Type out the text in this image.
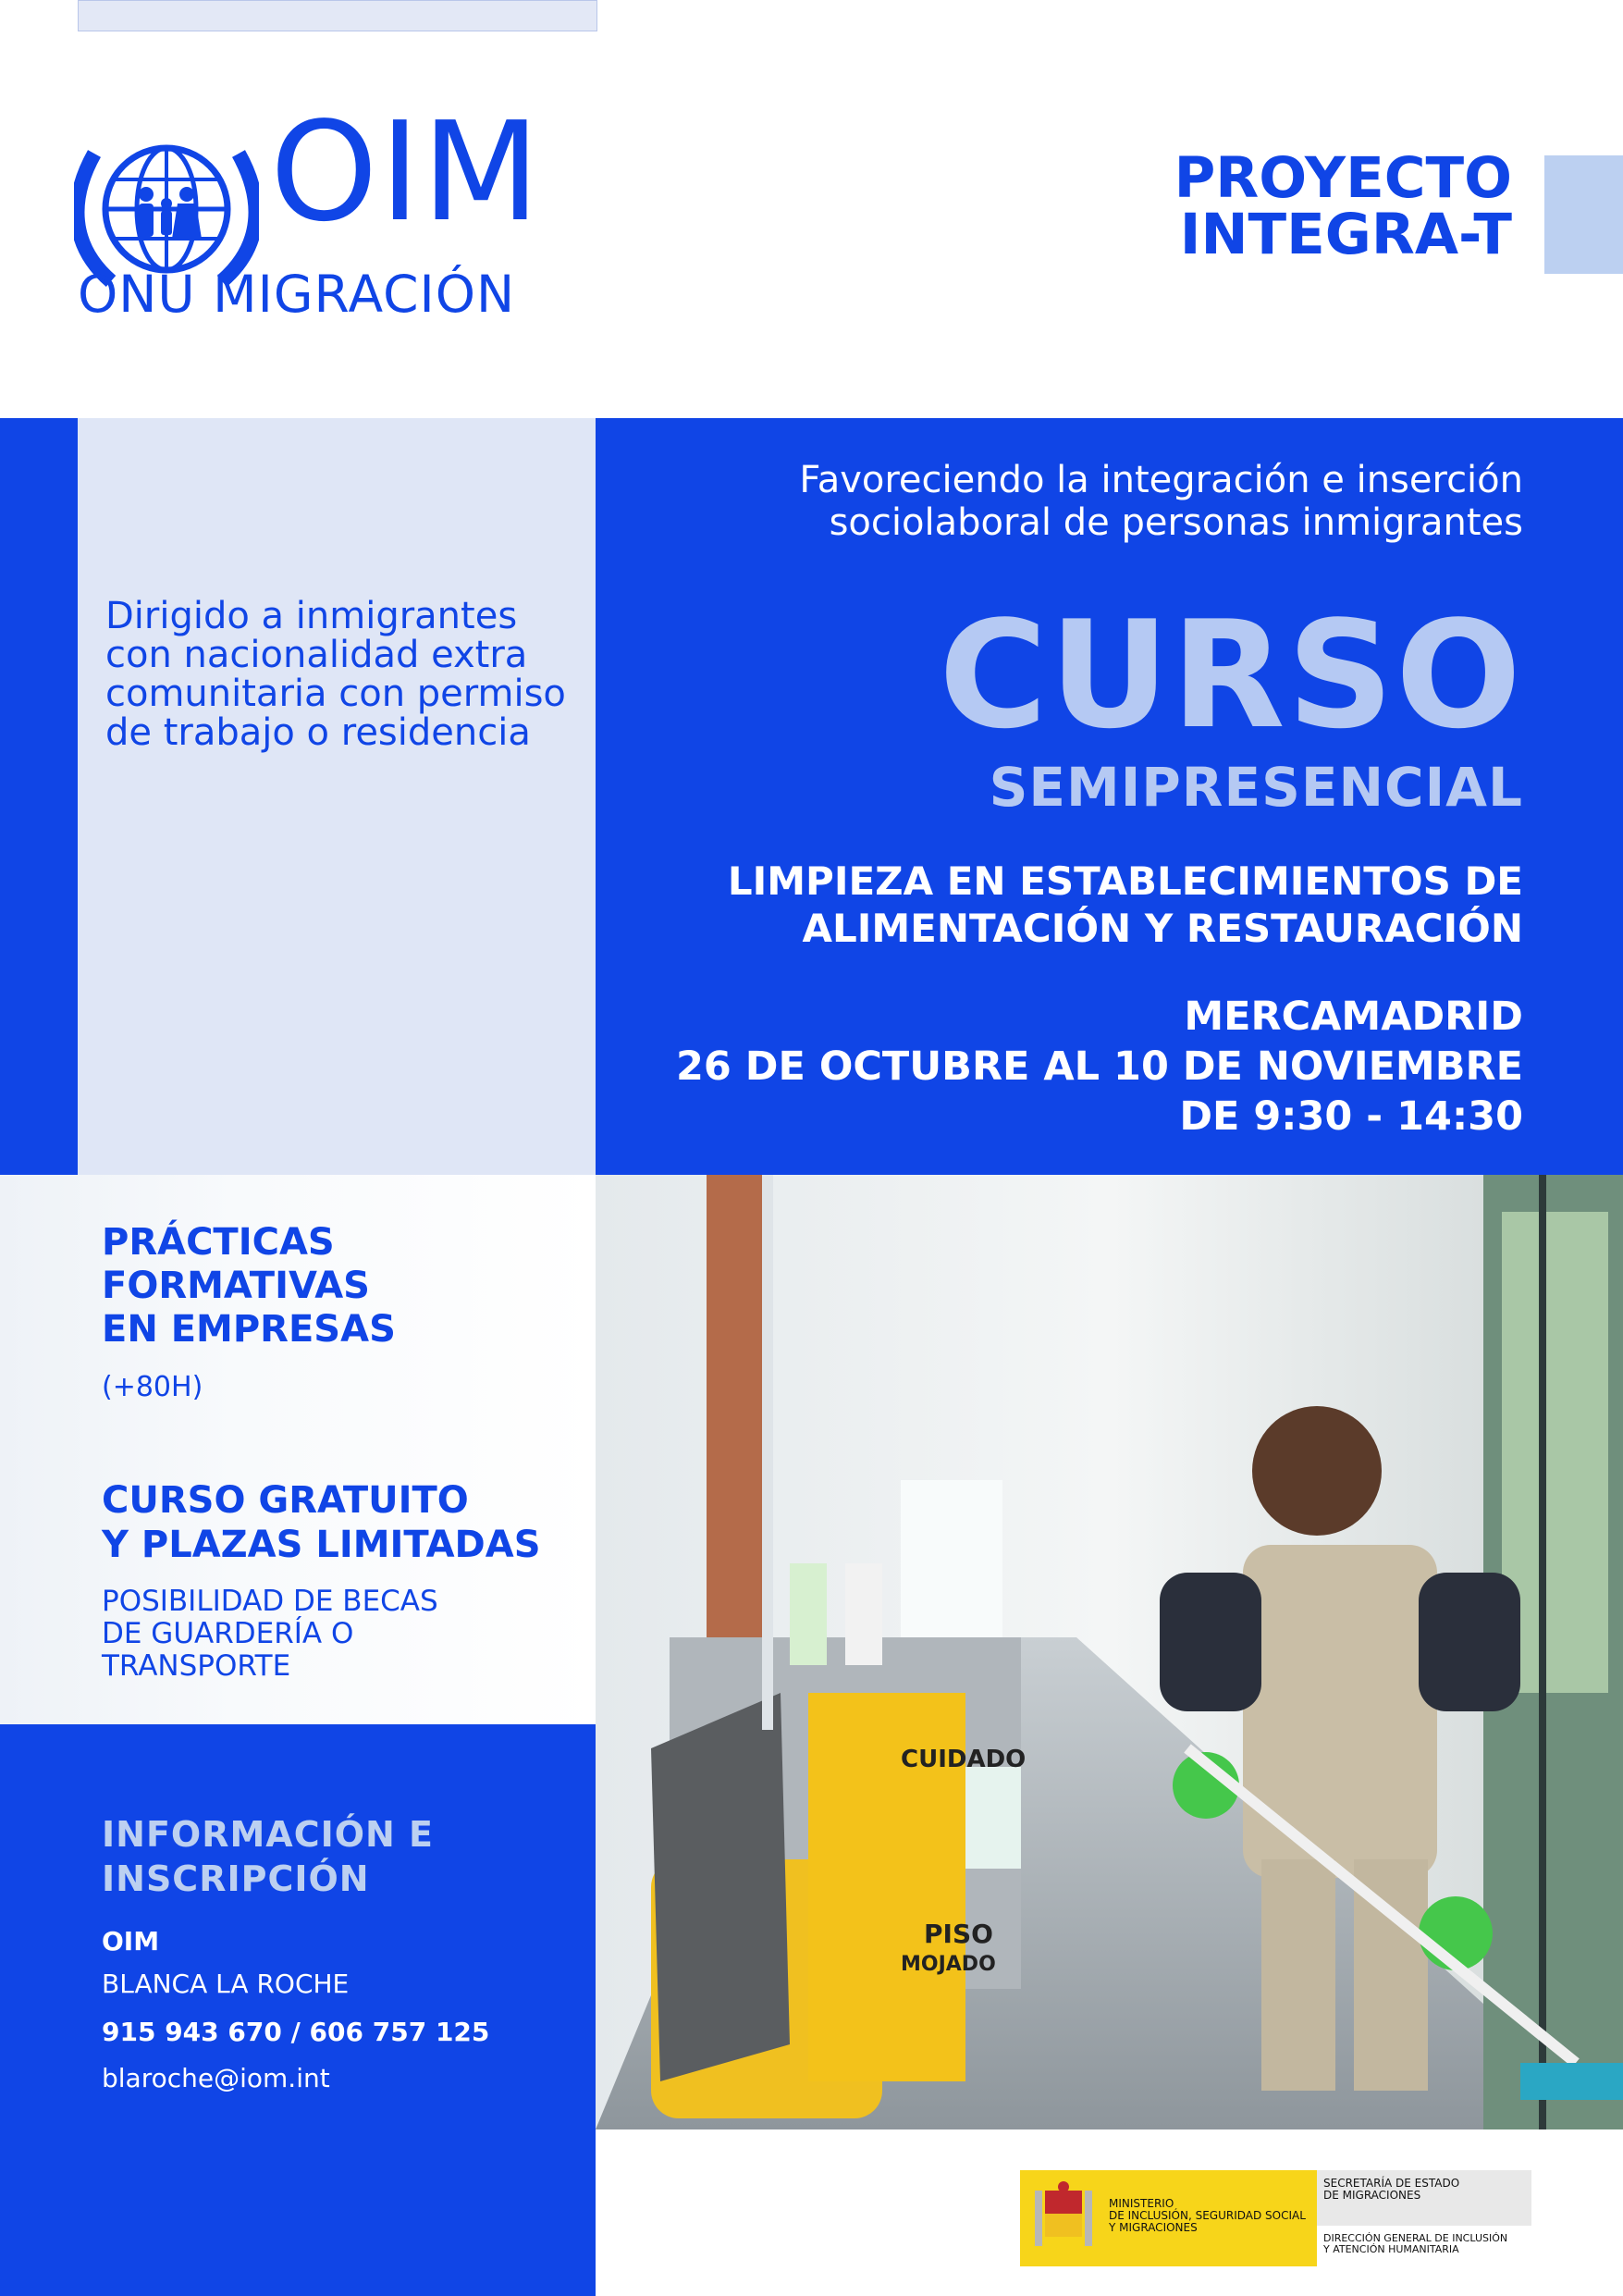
OIM
ONU MIGRACIÓN
PROYECTO
INTEGRA-T
Dirigido a inmigrantes
con nacionalidad extra
comunitaria con permiso
de trabajo o residencia
Favoreciendo la integración e inserción
sociolaboral de personas inmigrantes
CURSO
SEMIPRESENCIAL
LIMPIEZA EN ESTABLECIMIENTOS DE
ALIMENTACIÓN Y RESTAURACIÓN
MERCAMADRID
26 DE OCTUBRE AL 10 DE NOVIEMBRE
DE 9:30 - 14:30
PRÁCTICAS
FORMATIVAS
EN EMPRESAS
(+80H)
CURSO GRATUITO
Y PLAZAS LIMITADAS
POSIBILIDAD DE BECAS
DE GUARDERÍA O
TRANSPORTE
INFORMACIÓN E
INSCRIPCIÓN
OIM
BLANCA LA ROCHE
915 943 670 / 606 757 125
blaroche@iom.int
CUIDADO
PISO
MOJADO
MINISTERIO
DE INCLUSIÓN, SEGURIDAD SOCIAL
Y MIGRACIONES
SECRETARÍA DE ESTADO
DE MIGRACIONES
DIRECCIÓN GENERAL DE INCLUSIÓN
Y ATENCIÓN HUMANITARIA
